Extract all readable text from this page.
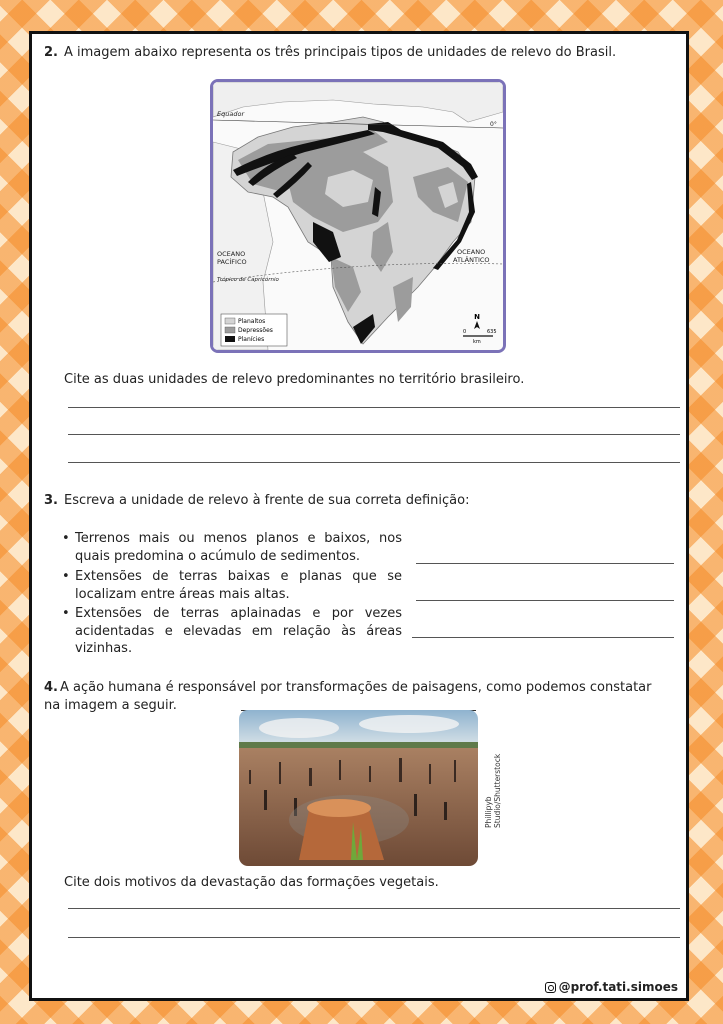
2. A imagem abaixo representa os três principais tipos de unidades de relevo do Brasil.
Equador
0°
OCEANO
PACÍFICO
OCEANO
ATLÂNTICO
Trópico de Capricórnio
Planaltos
Depressões
Planícies
N
0	635
km
Cite as duas unidades de relevo predominantes no território brasileiro.
3. Escreva a unidade de relevo à frente de sua correta definição:
• Terrenos mais ou menos planos e baixos, nos quais predomina o acúmulo de sedimentos.
• Extensões de terras baixas e planas que se localizam entre áreas mais altas.
• Extensões de terras aplainadas e por vezes acidentadas e elevadas em relação às áreas vizinhas.
4. A ação humana é responsável por transformações de paisagens, como podemos constatar na imagem a seguir.
Phillipyb Studio/Shutterstock
Cite dois motivos da devastação das formações vegetais.
@prof.tati.simoes
